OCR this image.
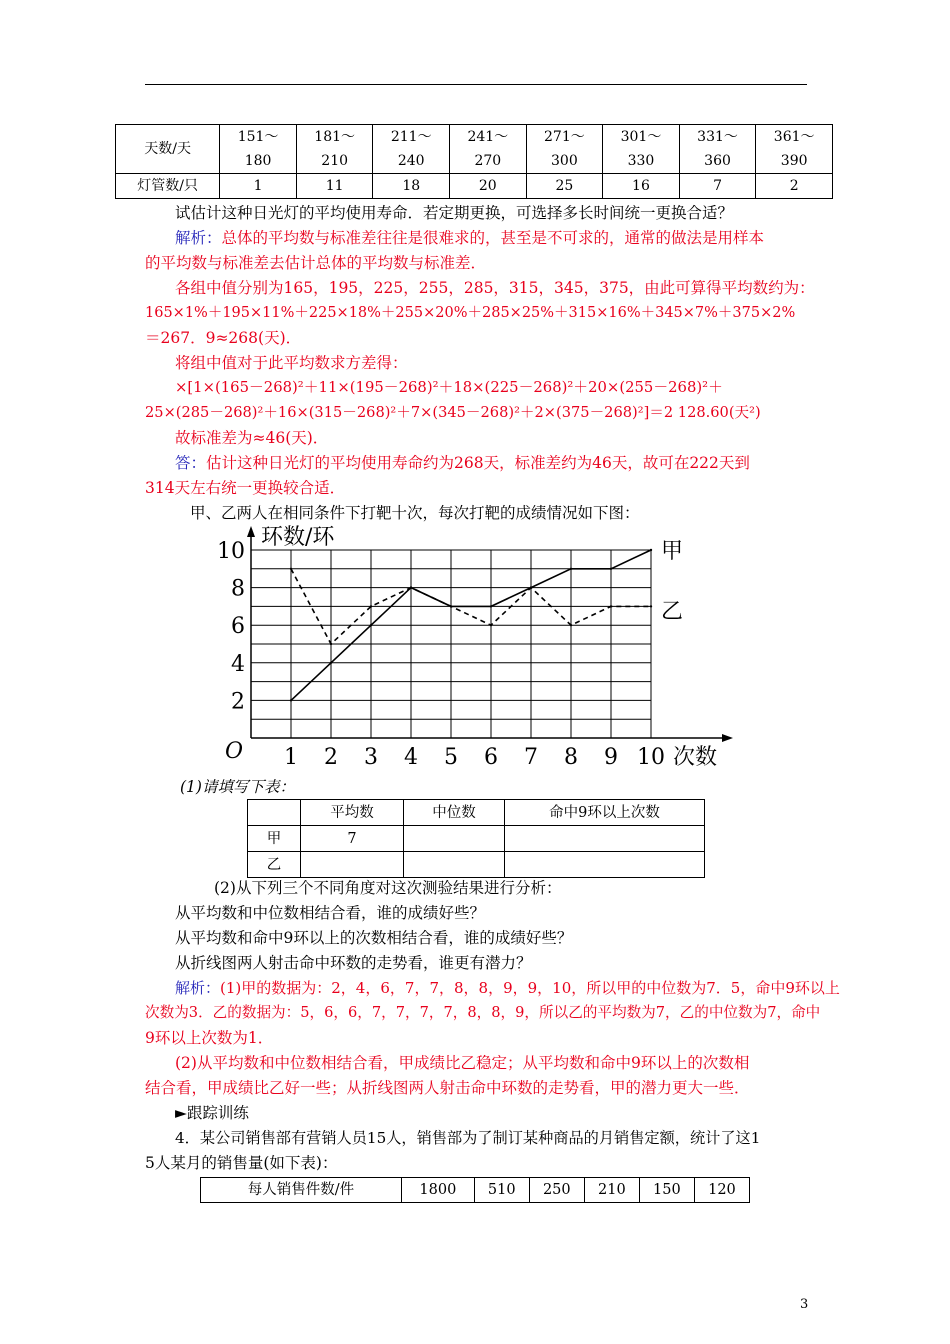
天数/天	151～	181～	211～	241～	271～	301～	331～	361～
	180	210	240	270	300	330	360	390
灯管数/只	1	11	18	20	25	16	7	2
试估计这种日光灯的平均使用寿命．若定期更换，可选择多长时间统一更换合适？
解析：总体的平均数与标准差往往是很难求的，甚至是不可求的，通常的做法是用样本
的平均数与标准差去估计总体的平均数与标准差．
各组中值分别为165，195，225，255，285，315，345，375，由此可算得平均数约为：
165×1%＋195×11%＋225×18%＋255×20%＋285×25%＋315×16%＋345×7%＋375×2%
＝267．9≈268(天)．
将组中值对于此平均数求方差得：
×[1×(165－268)²＋11×(195－268)²＋18×(225－268)²＋20×(255－268)²＋
25×(285－268)²＋16×(315－268)²＋7×(345－268)²＋2×(375－268)²]＝2 128.60(天²)
故标准差为≈46(天)．
答：估计这种日光灯的平均使用寿命约为268天，标准差约为46天，故可在222天到
314天左右统一更换较合适．
甲、乙两人在相同条件下打靶十次，每次打靶的成绩情况如下图：
1 2 3 4 5 6 7 8 9 10
2
4
6
8
10
O
环数/环
次数
甲
乙
(1)请填写下表：
	平均数	中位数	命中9环以上次数
甲	7		
乙			
(2)从下列三个不同角度对这次测验结果进行分析：
从平均数和中位数相结合看，谁的成绩好些？
从平均数和命中9环以上的次数相结合看，谁的成绩好些？
从折线图两人射击命中环数的走势看，谁更有潜力？
解析：(1)甲的数据为：2，4，6，7，7，8，8，9，9，10，所以甲的中位数为7．5，命中9环以上
次数为3．乙的数据为：5，6，6，7，7，7，7，8，8，9，所以乙的平均数为7，乙的中位数为7，命中
9环以上次数为1．
(2)从平均数和中位数相结合看，甲成绩比乙稳定；从平均数和命中9环以上的次数相
结合看，甲成绩比乙好一些；从折线图两人射击命中环数的走势看，甲的潜力更大一些．
►跟踪训练
4．某公司销售部有营销人员15人，销售部为了制订某种商品的月销售定额，统计了这1
5人某月的销售量(如下表)：
每人销售件数/件	1800	510	250	210	150	120
3
